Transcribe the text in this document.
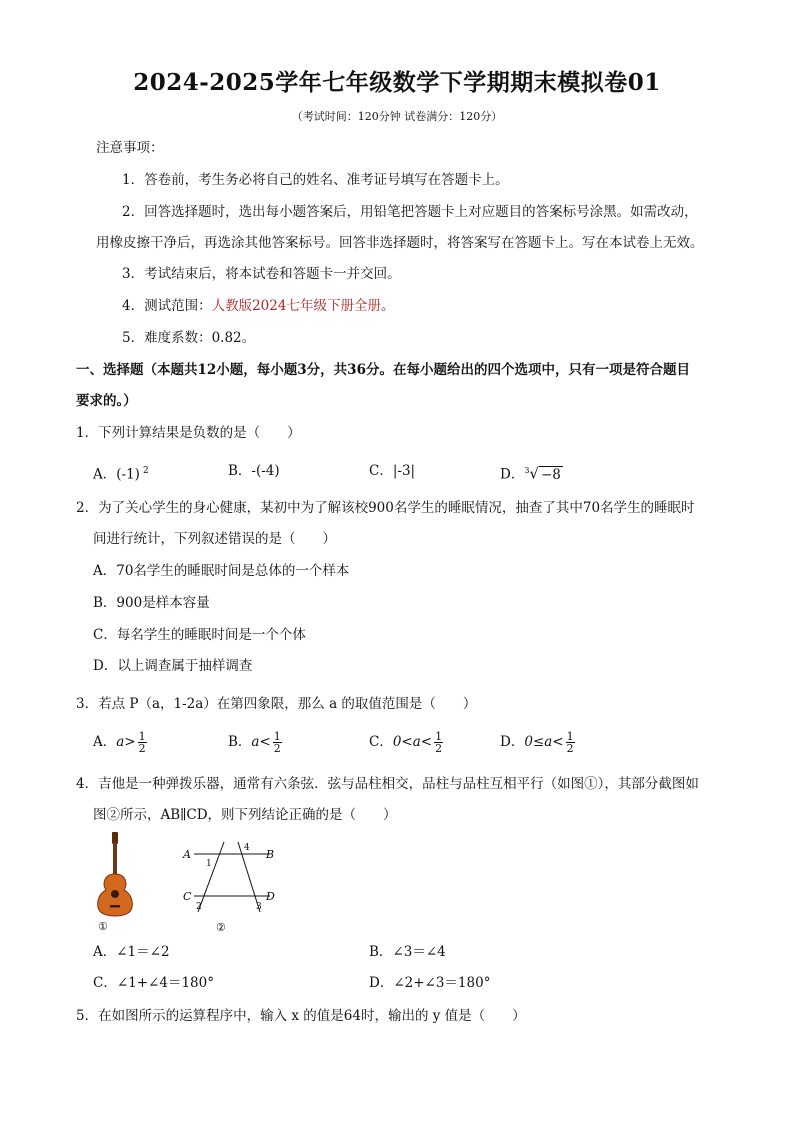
2024-2025学年七年级数学下学期期末模拟卷01
（考试时间：120分钟 试卷满分：120分）
注意事项：
1．答卷前，考生务必将自己的姓名、准考证号填写在答题卡上。
2．回答选择题时，选出每小题答案后，用铅笔把答题卡上对应题目的答案标号涂黑。如需改动，
用橡皮擦干净后，再选涂其他答案标号。回答非选择题时，将答案写在答题卡上。写在本试卷上无效。
3．考试结束后，将本试卷和答题卡一并交回。
4．测试范围：人教版2024七年级下册全册。
5．难度系数：0.82。
一、选择题（本题共12小题，每小题3分，共36分。在每小题给出的四个选项中，只有一项是符合题目
要求的。）
1．下列计算结果是负数的是（　　）
A．(-1) $^2$	B．-(-4)	C．|-3|	D．$^3$√ −8
2．为了关心学生的身心健康，某初中为了解该校900名学生的睡眠情况，抽查了其中70名学生的睡眠时
间进行统计，下列叙述错误的是（　　）
A．70名学生的睡眠时间是总体的一个样本
B．900是样本容量
C．每名学生的睡眠时间是一个个体
D．以上调查属于抽样调查
3．若点 P（a，1-2a）在第四象限，那么 a 的取值范围是（　　）
A．$a> \frac{1}{2}$	B．$a< \frac{1}{2}$	C．$0<a< \frac{1}{2}$	D．$0\le a< \frac{1}{2}$
4．吉他是一种弹拨乐器，通常有六条弦．弦与品柱相交，品柱与品柱互相平行（如图①），其部分截图如
图②所示，AB∥CD，则下列结论正确的是（　　）
①
A	B
C	D
1
2	3
4
②
A．∠1＝∠2	B．∠3＝∠4
C．∠1+∠4＝180°	D．∠2+∠3＝180°
5．在如图所示的运算程序中，输入 x 的值是64时，输出的 y 值是（　　）
